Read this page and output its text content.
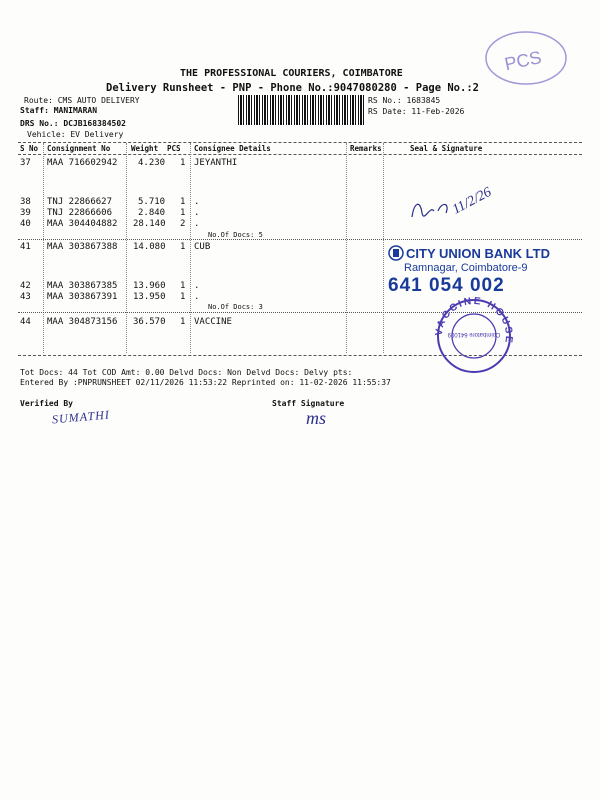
PCS
THE PROFESSIONAL COURIERS, COIMBATORE
Delivery Runsheet - PNP - Phone No.:9047080280 - Page No.:2
Route: CMS AUTO DELIVERY
Staff: MANIMARAN
DRS No.: DCJB168384502
Vehicle: EV Delivery
RS No.: 1683845
RS Date: 11-Feb-2026
S No Consignment No	Weight PCS Consignee Details	Remarks	Seal & Signature
37 MAA 716602942 4.230 1 JEYANTHI
38 TNJ 22866627	5.710 1 .
39 TNJ 22866606	2.840 1 .
40 MAA 304404882 28.140 2 .
No.Of Docs: 5
41 MAA 303867388 14.080 1 CUB
42 MAA 303867385 13.960 1 .
43 MAA 303867391 13.950 1 .
No.Of Docs: 3
44 MAA 304873156 36.570 1 VACCINE
11/2/26
CITY UNION BANK LTD
Ramnagar, Coimbatore-9
641 054 002
VACCINE HOUSE
Coimbatore 641009
Tot Docs: 44 Tot COD Amt: 0.00 Delvd Docs: Non Delvd Docs: Delvy pts:
Entered By :PNPRUNSHEET 02/11/2026 11:53:22 Reprinted on: 11-02-2026 11:55:37
Verified By	Staff Signature
SUMATHI	ms
